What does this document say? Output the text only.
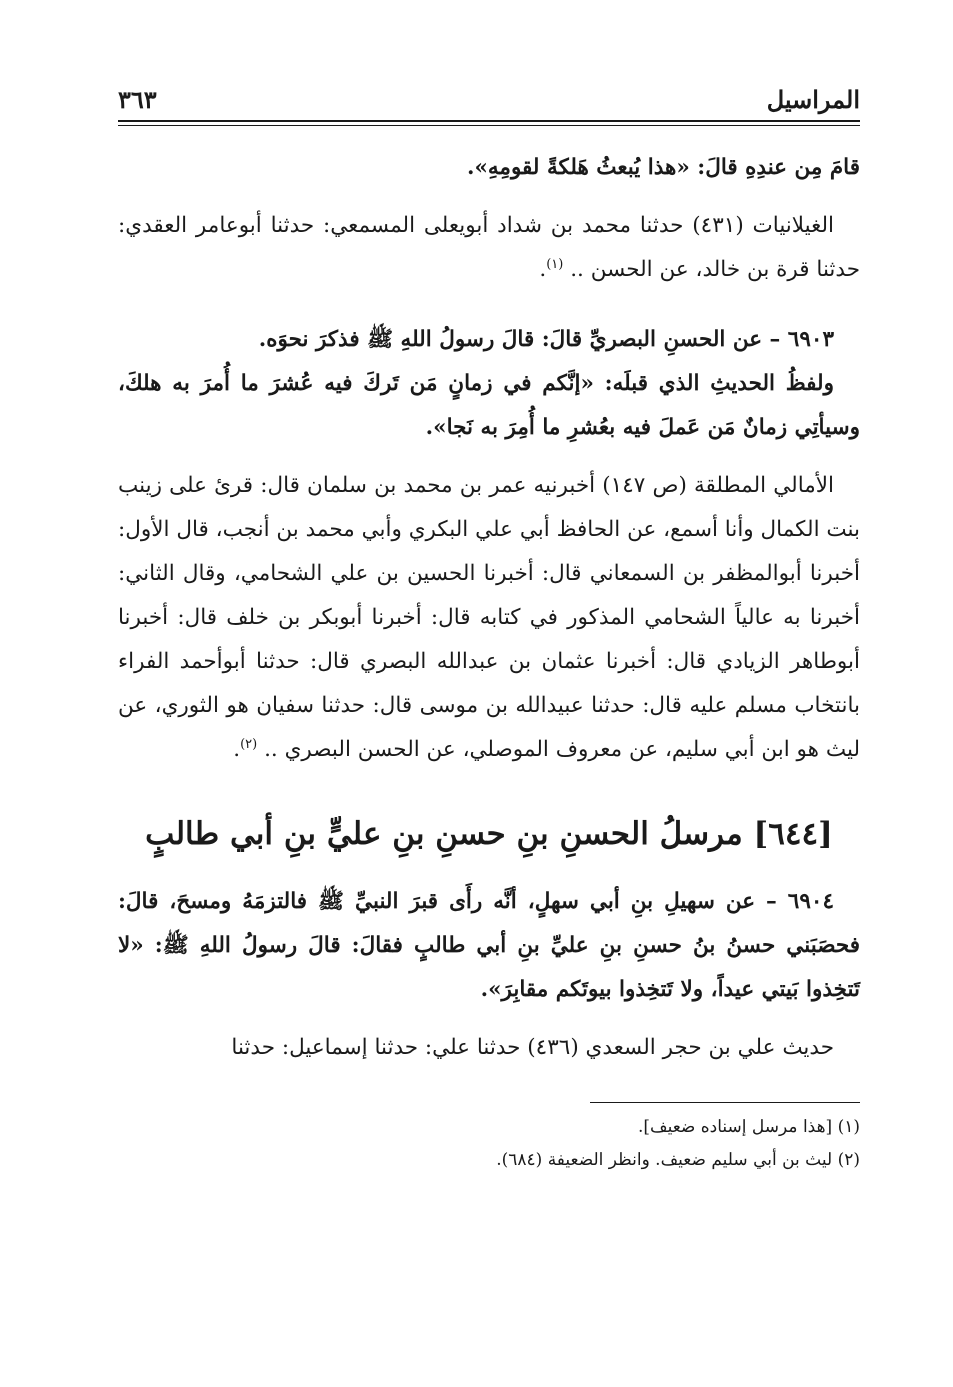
المراسيل
٣٦٣

قامَ مِن عندِهِ قالَ: «هذا يُبعثُ هَلكةً لقومِهِ».

الغيلانيات (٤٣١) حدثنا محمد بن شداد أبويعلى المسمعي: حدثنا أبوعامر العقدي: حدثنا قرة بن خالد، عن الحسن .. $^{(١)}$.

٦٩٠٣ – عن الحسنِ البصريِّ قالَ: قالَ رسولُ اللهِ ﷺ فذكرَ نحوَه.

ولفظُ الحديثِ الذي قبلَه: «إنَّكم في زمانٍ مَن تَركَ فيه عُشرَ ما أُمرَ به هلكَ، وسيأتِي زمانٌ مَن عَملَ فيه بعُشرِ ما أُمِرَ به نَجا».

الأمالي المطلقة (ص ١٤٧) أخبرنيه عمر بن محمد بن سلمان قال: قرئ على زينب بنت الكمال وأنا أسمع، عن الحافظ أبي علي البكري وأبي محمد بن أنجب، قال الأول: أخبرنا أبوالمظفر بن السمعاني قال: أخبرنا الحسين بن علي الشحامي، وقال الثاني: أخبرنا به عالياً الشحامي المذكور في كتابه قال: أخبرنا أبوبكر بن خلف قال: أخبرنا أبوطاهر الزيادي قال: أخبرنا عثمان بن عبدالله البصري قال: حدثنا أبوأحمد الفراء بانتخاب مسلم عليه قال: حدثنا عبيدالله بن موسى قال: حدثنا سفيان هو الثوري، عن ليث هو ابن أبي سليم، عن معروف الموصلي، عن الحسن البصري .. $^{(٢)}$.

[٦٤٤] مرسلُ الحسنِ بنِ حسنِ بنِ عليٍّ بنِ أبي طالبٍ

٦٩٠٤ – عن سهيلِ بنِ أبي سهلٍ، أنَّه رأَى قبرَ النبيِّ ﷺ فالتزمَهُ ومسحَ، قالَ: فحصَبَني حسنُ بنُ حسنِ بنِ عليِّ بنِ أبي طالبٍ فقالَ: قالَ رسولُ اللهِ ﷺ: «لا تَتخِذوا بَيتي عيداً، ولا تَتخِذوا بيوتَكم مقابِرَ».

حديث علي بن حجر السعدي (٤٣٦) حدثنا علي: حدثنا إسماعيل: حدثنا

(١) [هذا مرسل إسناده ضعيف].
(٢) ليث بن أبي سليم ضعيف. وانظر الضعيفة (٦٨٤).
